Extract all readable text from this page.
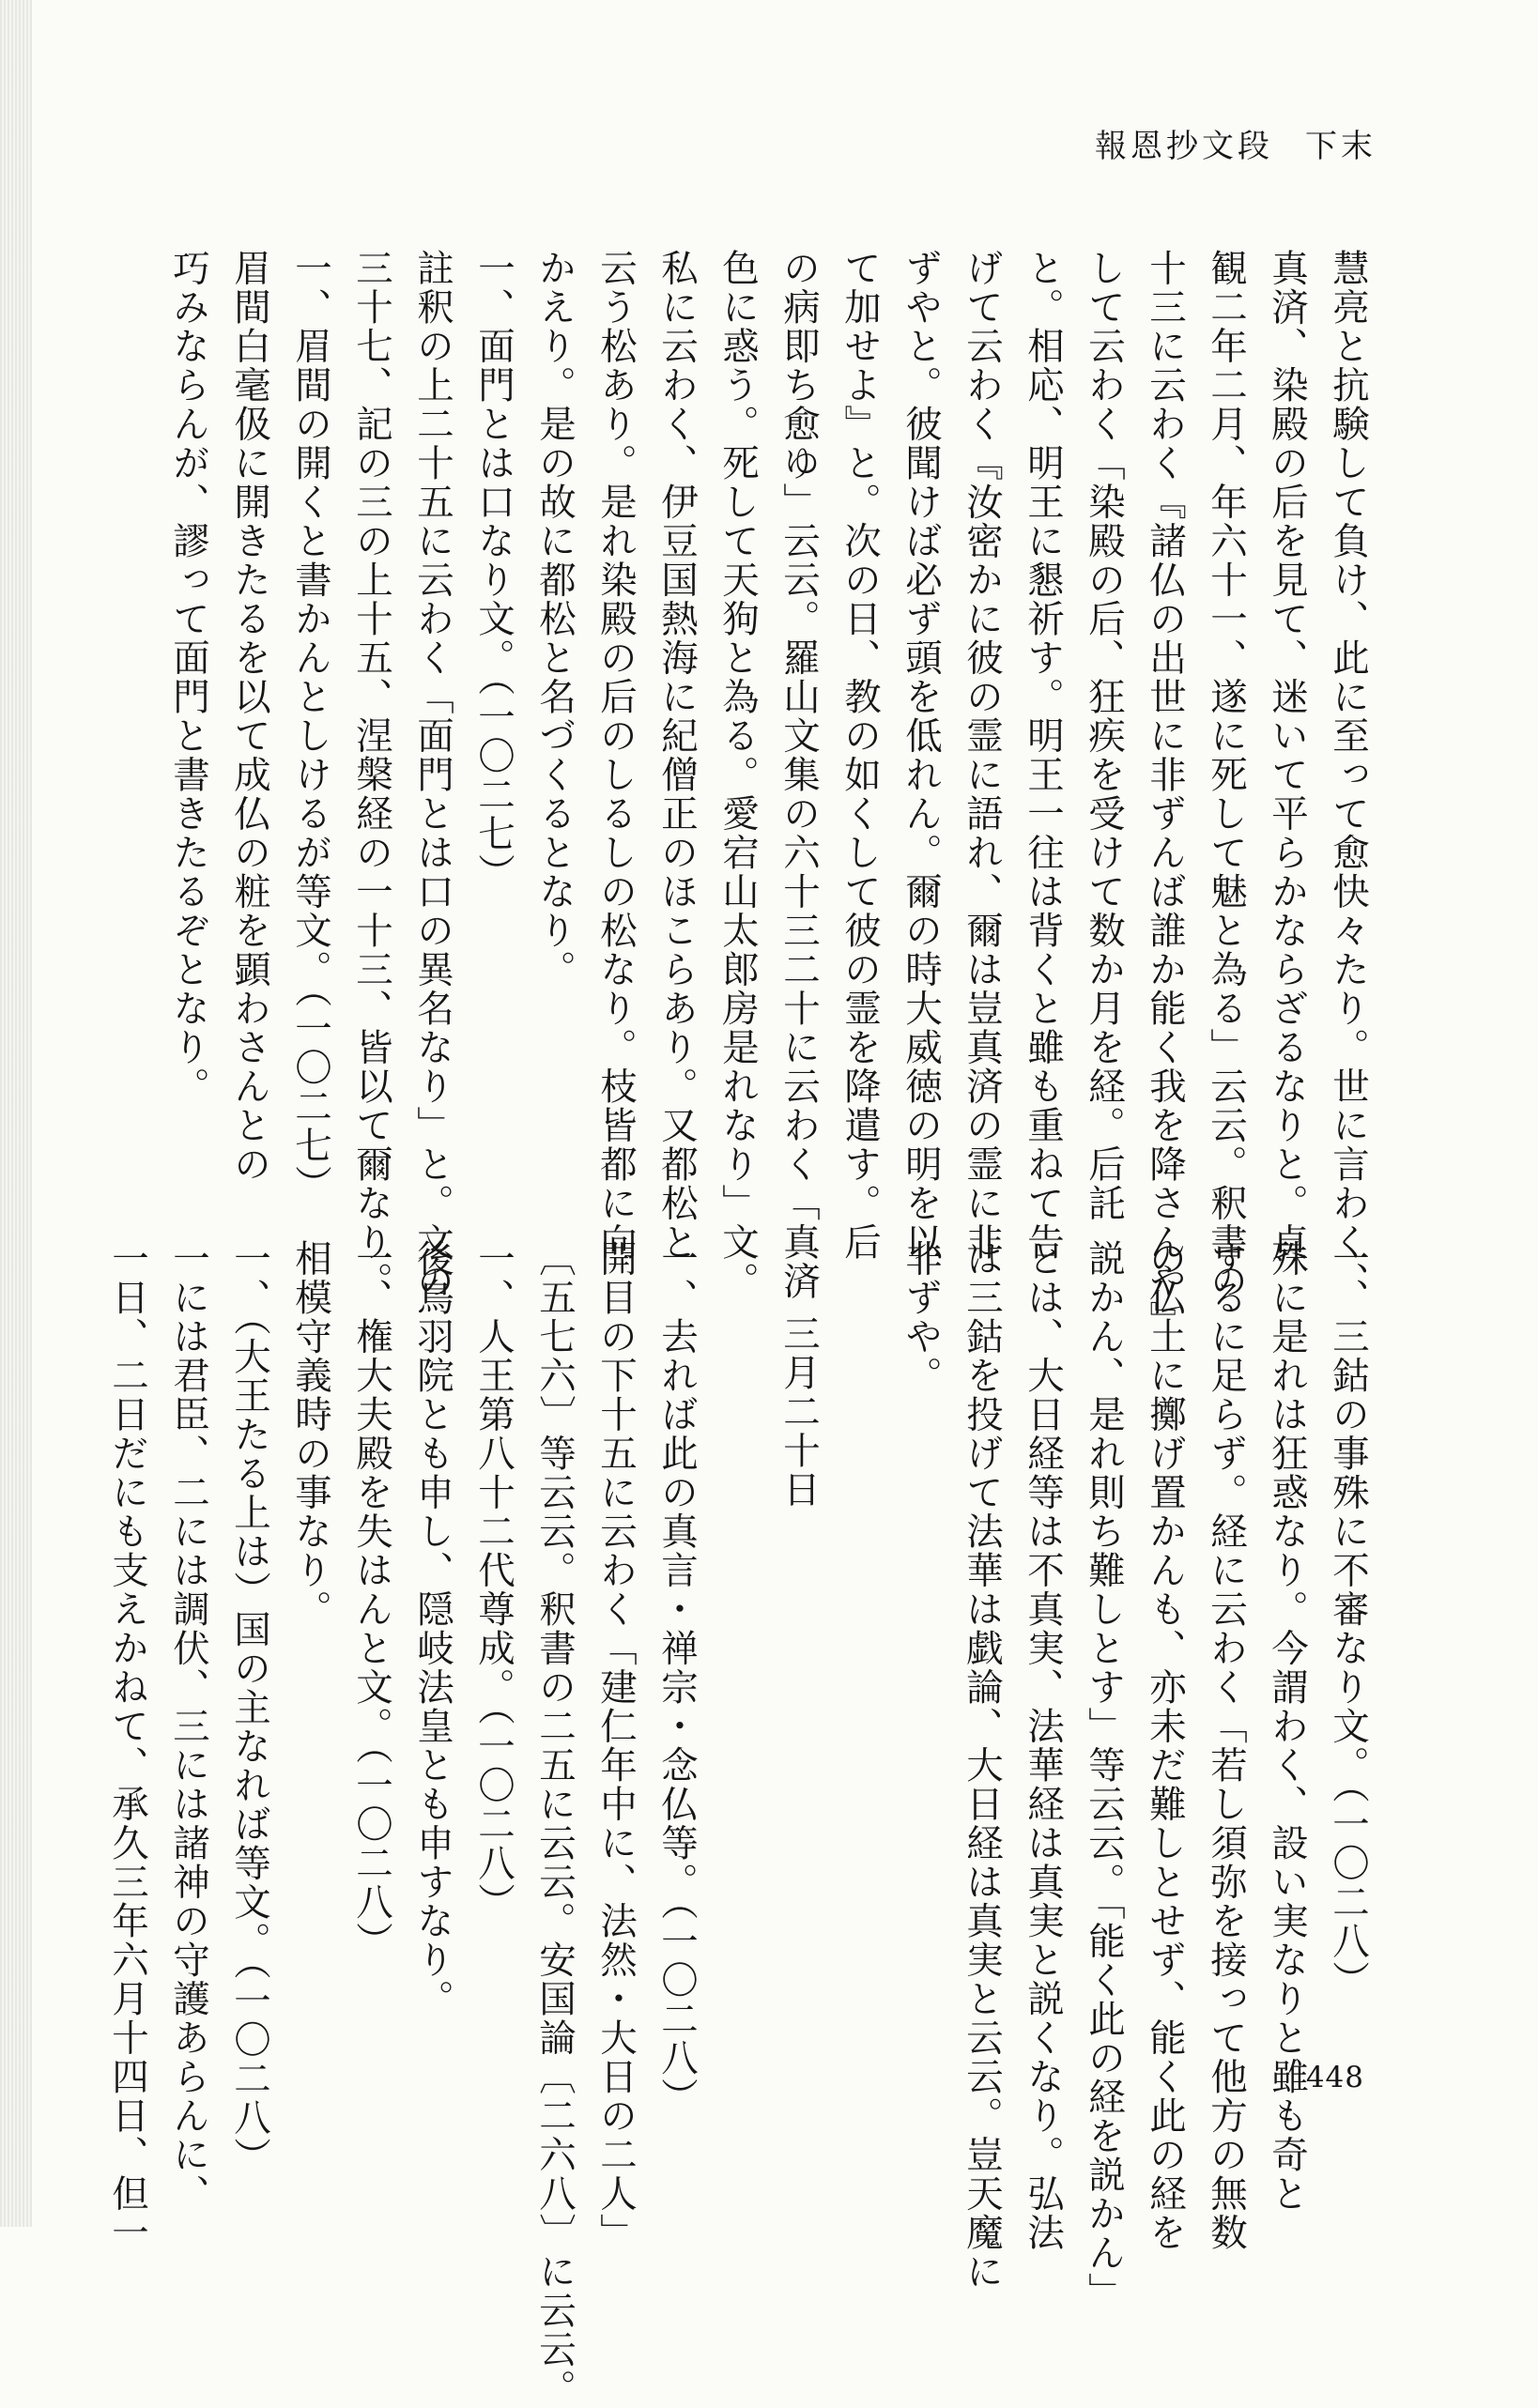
報恩抄文段 下末
慧亮と抗験して負け、此に至って愈快々たり。世に言わく、
真済、染殿の后を見て、迷いて平らかならざるなりと。貞
観二年二月、年六十一、遂に死して魅と為る」云云。釈書の
十三に云わく『諸仏の出世に非ずんば誰か能く我を降さんや』
して云わく「染殿の后、狂疾を受けて数か月を経。后託
と。相応、明王に懇祈す。明王一往は背くと雖も重ねて告
げて云わく『汝密かに彼の霊に語れ、爾は豈真済の霊に非
ずやと。彼聞けば必ず頭を低れん。爾の時大威徳の明を以
て加せよ』と。次の日、教の如くして彼の霊を降遣す。后
の病即ち愈ゆ」云云。羅山文集の六十三二十に云わく「真済
色に惑う。死して天狗と為る。愛宕山太郎房是れなり」文。
私に云わく、伊豆国熱海に紀僧正のほこらあり。又都松と
云う松あり。是れ染殿の后のしるしの松なり。枝皆都に向
かえり。是の故に都松と名づくるとなり。
一、面門とは口なり文。（一〇二七）
註釈の上二十五に云わく「面門とは口の異名なり」と。文の
三十七、記の三の上十五、涅槃経の一十三、皆以て爾なり。
一、眉間の開くと書かんとしけるが等文。（一〇二七）
眉間白毫伋に開きたるを以て成仏の粧を顕わさんとの
巧みならんが、謬って面門と書きたるぞとなり。
一、三鈷の事殊に不審なり文。（一〇二八）
殊に是れは狂惑なり。今謂わく、設い実なりと雖も奇と
するに足らず。経に云わく「若し須弥を接って他方の無数
の仏土に擲げ置かんも、亦未だ難しとせず、能く此の経を
説かん、是れ則ち難しとす」等云云。「能く此の経を説かん」
とは、大日経等は不真実、法華経は真実と説くなり。弘法
は三鈷を投げて法華は戯論、大日経は真実と云云。豈天魔に
非ずや。
三月二十日
一、去れば此の真言・禅宗・念仏等。（一〇二八）
開目の下十五に云わく「建仁年中に、法然・大日の二人」
〔五七六〕等云云。釈書の二五に云云。安国論〔二六八〕に云云。
一、人王第八十二代尊成。（一〇二八）
後鳥羽院とも申し、隠岐法皇とも申すなり。
一、権大夫殿を失はんと文。（一〇二八）
相模守義時の事なり。
一、（大王たる上は）国の主なれば等文。（一〇二八）
一には君臣、二には調伏、三には諸神の守護あらんに、
一日、二日だにも支えかねて、承久三年六月十四日、但一	448
